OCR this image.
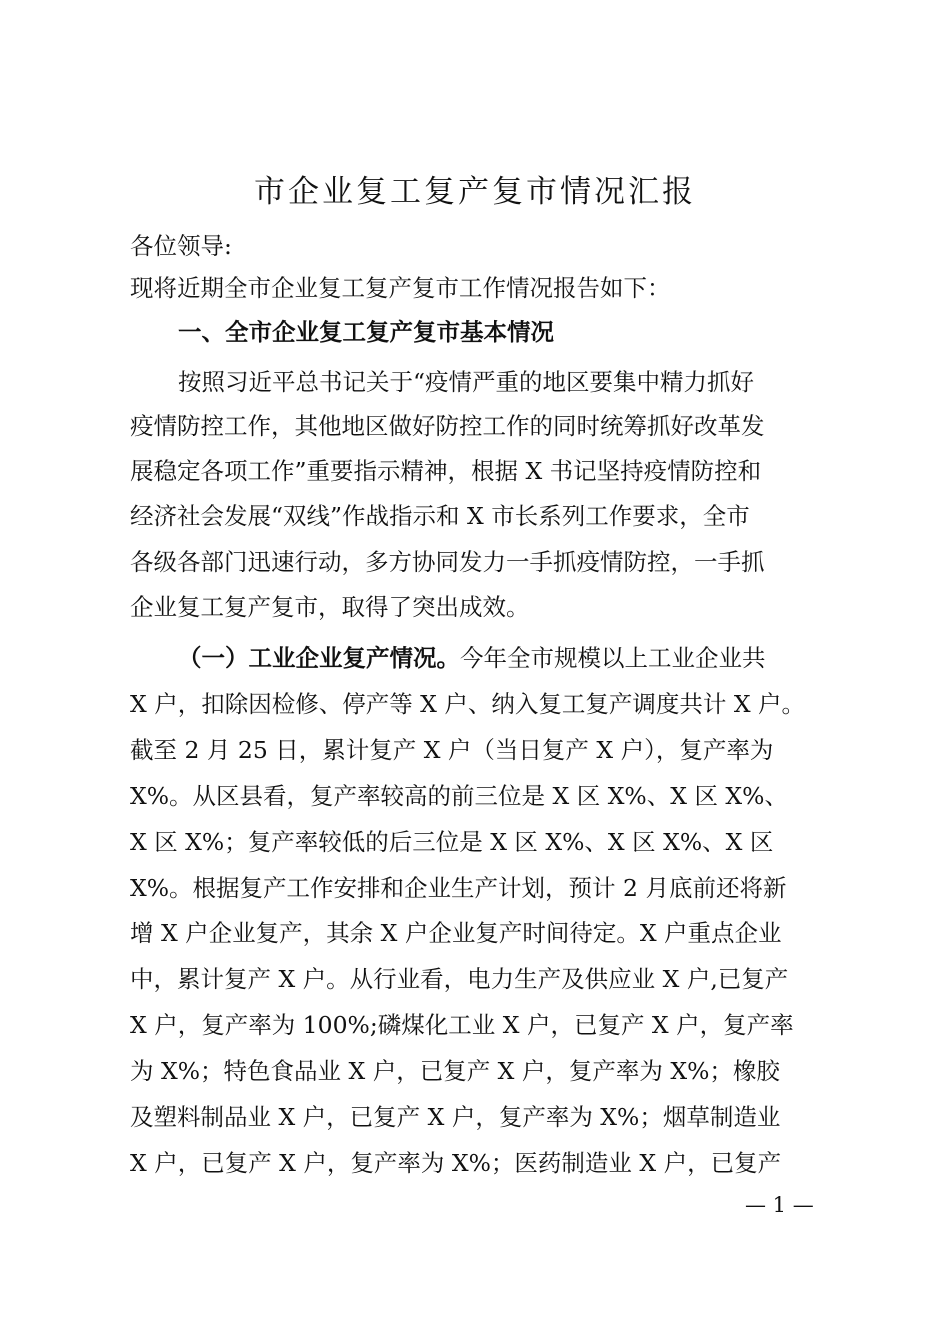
市企业复工复产复市情况汇报
各位领导:
现将近期全市企业复工复产复市工作情况报告如下：
一、全市企业复工复产复市基本情况
按照习近平总书记关于“疫情严重的地区要集中精力抓好
疫情防控工作，其他地区做好防控工作的同时统筹抓好改革发
展稳定各项工作”重要指示精神，根据 X 书记坚持疫情防控和
经济社会发展“双线”作战指示和 X 市长系列工作要求，全市
各级各部门迅速行动，多方协同发力一手抓疫情防控，一手抓
企业复工复产复市，取得了突出成效。
（一）工业企业复产情况。今年全市规模以上工业企业共
X 户，扣除因检修、停产等 X 户、纳入复工复产调度共计 X 户。
截至 2 月 25 日，累计复产 X 户（当日复产 X 户），复产率为
X%。从区县看，复产率较高的前三位是 X 区 X%、X 区 X%、
X 区 X%；复产率较低的后三位是 X 区 X%、X 区 X%、X 区
X%。根据复产工作安排和企业生产计划，预计 2 月底前还将新
增 X 户企业复产，其余 X 户企业复产时间待定。X 户重点企业
中，累计复产 X 户。从行业看，电力生产及供应业 X 户,已复产
X 户，复产率为 100%;磷煤化工业 X 户，已复产 X 户，复产率
为 X%；特色食品业 X 户，已复产 X 户，复产率为 X%；橡胶
及塑料制品业 X 户，已复产 X 户，复产率为 X%；烟草制造业
X 户，已复产 X 户，复产率为 X%；医药制造业 X 户，已复产
— 1 —
